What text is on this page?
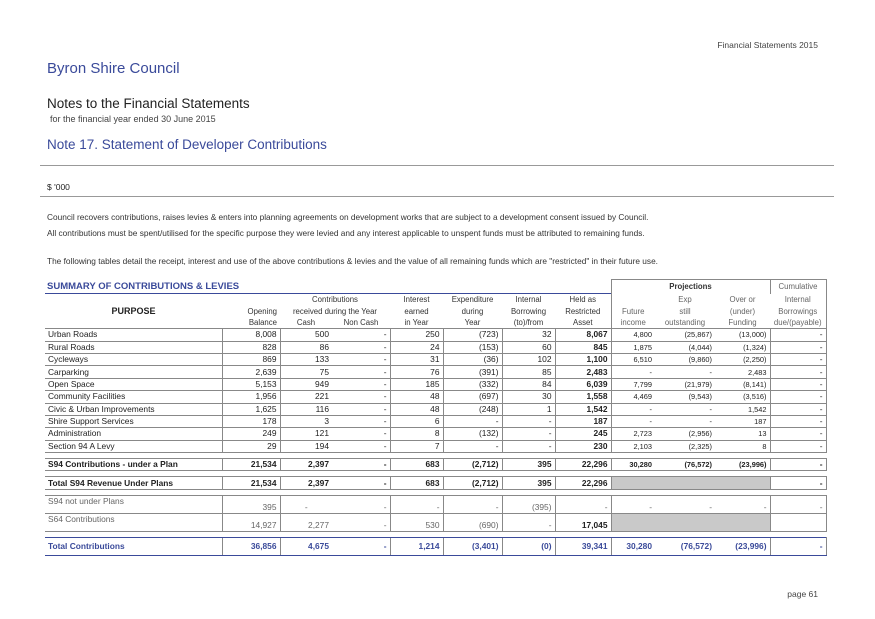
Financial Statements 2015
Byron Shire Council
Notes to the Financial Statements
for the financial year ended 30 June 2015
Note 17. Statement of Developer Contributions
$ '000
Council recovers contributions, raises levies & enters into planning agreements on development works that are subject to a development consent issued by Council.
All contributions must be spent/utilised for the specific purpose they were levied and any interest applicable to unspent funds must be attributed to remaining funds.
The following tables detail the receipt, interest and use of the above contributions & levies and the value of all remaining funds which are "restricted" in their future use.
SUMMARY OF CONTRIBUTIONS & LEVIES								Projections			Cumulative
		Contributions		Interest	Expenditure	Internal	Held as		Exp	Over or	Internal
PURPOSE	Opening	received during the Year		earned	during	Borrowing	Restricted	Future	still	(under)	Borrowings
	Balance	Cash	Non Cash	in Year	Year	(to)/from	Asset	income	outstanding	Funding	due/(payable)
Urban Roads	8,008	500	-	250	(723)	32	8,067	4,800	(25,867)	(13,000)	-
Rural Roads	828	86	-	24	(153)	60	845	1,875	(4,044)	(1,324)	-
Cycleways	869	133	-	31	(36)	102	1,100	6,510	(9,860)	(2,250)	-
Carparking	2,639	75	-	76	(391)	85	2,483	-	-	2,483	-
Open Space	5,153	949	-	185	(332)	84	6,039	7,799	(21,979)	(8,141)	-
Community Facilities	1,956	221	-	48	(697)	30	1,558	4,469	(9,543)	(3,516)	-
Civic & Urban Improvements	1,625	116	-	48	(248)	1	1,542	-	-	1,542	-
Shire Support Services	178	3	-	6	-	-	187	-	-	187	-
Administration	249	121	-	8	(132)	-	245	2,723	(2,956)	13	-
Section 94 A Levy	29	194	-	7	-	-	230	2,103	(2,325)	8	-

S94 Contributions - under a Plan	21,534	2,397	-	683	(2,712)	395	22,296	30,280	(76,572)	(23,996)	-

Total S94 Revenue Under Plans	21,534	2,397	-	683	(2,712)	395	22,296				-

S94 not under Plans	395	-	-	-	-	(395)	-	-	-	-	-
S64 Contributions	14,927	2,277	-	530	(690)	-	17,045				

Total Contributions	36,856	4,675	-	1,214	(3,401)	(0)	39,341	30,280	(76,572)	(23,996)	-
page 61
